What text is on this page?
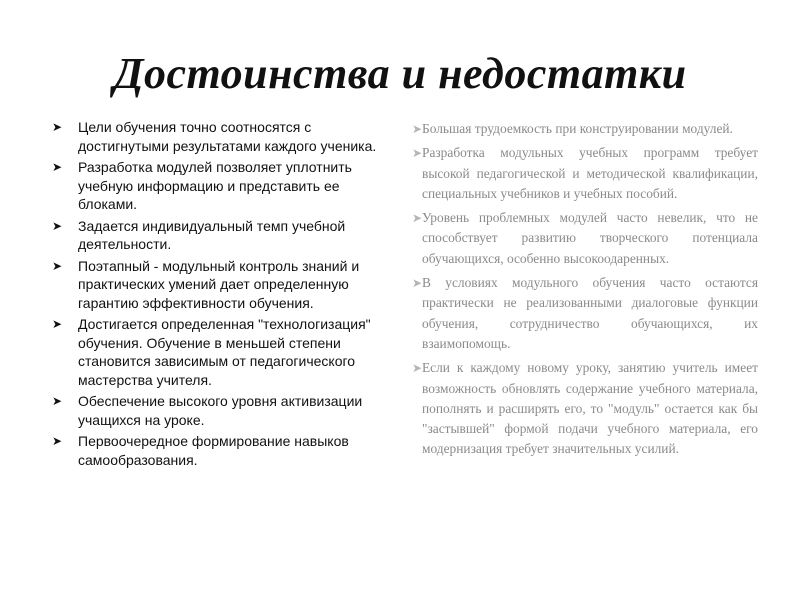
Достоинства и недостатки
➤ Цели обучения точно соотносятся с достигнутыми результатами каждого ученика.
➤ Разработка модулей позволяет уплотнить учебную информацию и представить ее блоками.
➤ Задается индивидуальный темп учебной деятельности.
➤ Поэтапный - модульный контроль знаний и практических умений дает определенную гарантию эффективности обучения.
➤ Достигается определенная "технологизация" обучения. Обучение в меньшей степени становится зависимым от педагогического мастерства учителя.
➤ Обеспечение высокого уровня активизации учащихся на уроке.
➤ Первоочередное формирование навыков самообразования.
➤ Большая трудоемкость при конструировании модулей.
➤ Разработка модульных учебных программ требует высокой педагогической и методической квалификации, специальных учебников и учебных пособий.
➤ Уровень проблемных модулей часто невелик, что не способствует развитию творческого потенциала обучающихся, особенно высокоодаренных.
➤ В условиях модульного обучения часто остаются практически не реализованными диалоговые функции обучения, сотрудничество обучающихся, их взаимопомощь.
➤ Если к каждому новому уроку, занятию учитель имеет возможность обновлять содержание учебного материала, пополнять и расширять его, то "модуль" остается как бы "застывшей" формой подачи учебного материала, его модернизация требует значительных усилий.
